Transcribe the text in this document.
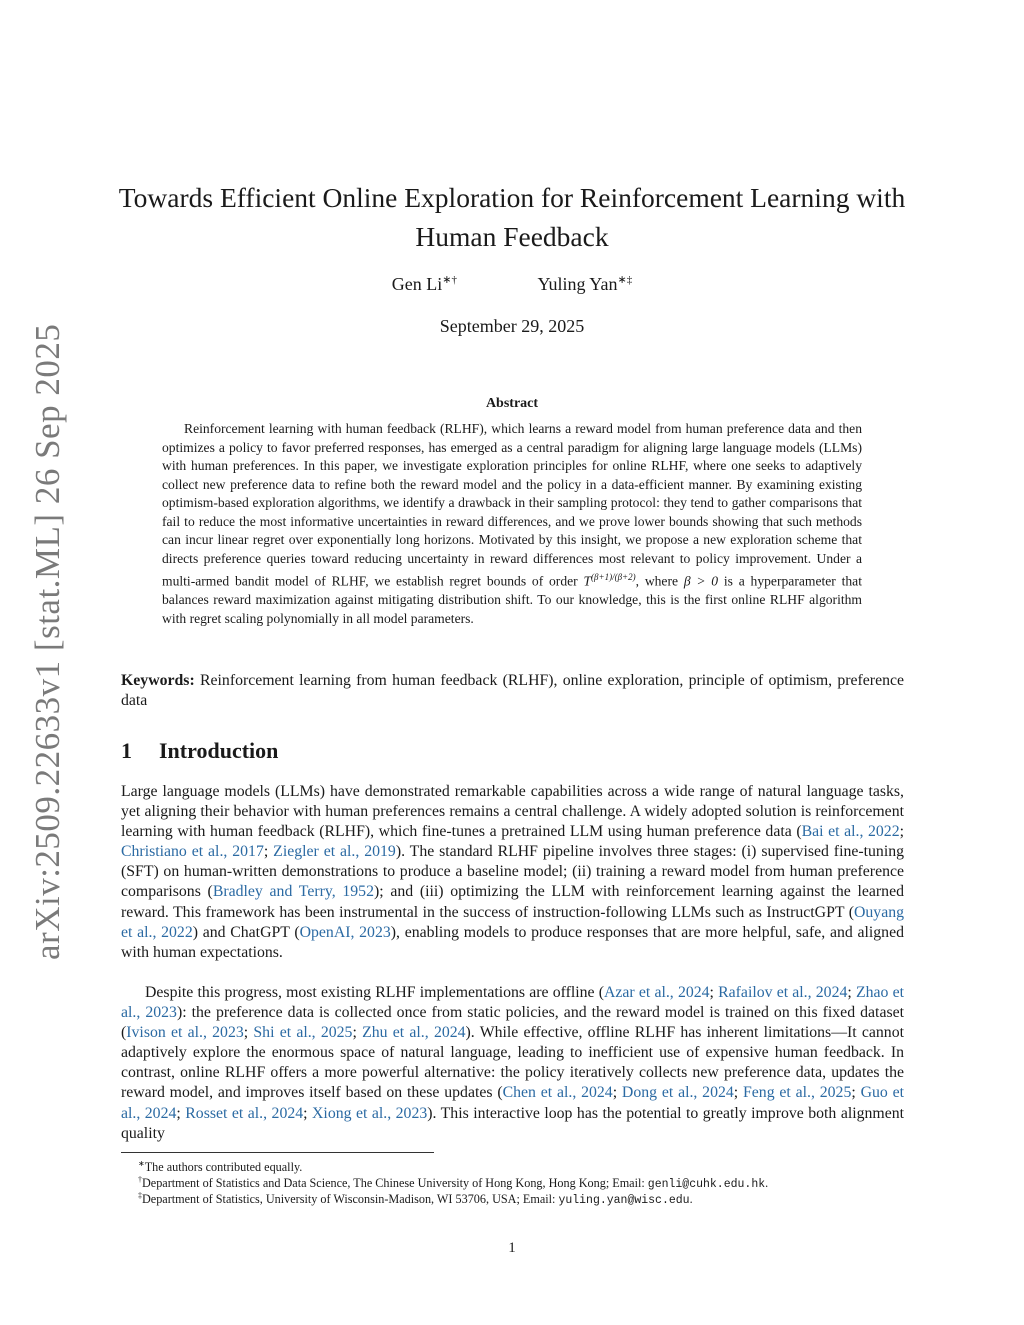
arXiv:2509.22633v1 [stat.ML] 26 Sep 2025
Towards Efficient Online Exploration for Reinforcement Learning with Human Feedback
Gen Li∗†	Yuling Yan∗‡
September 29, 2025
Abstract
Reinforcement learning with human feedback (RLHF), which learns a reward model from human preference data and then optimizes a policy to favor preferred responses, has emerged as a central paradigm for aligning large language models (LLMs) with human preferences. In this paper, we investigate exploration principles for online RLHF, where one seeks to adaptively collect new preference data to refine both the reward model and the policy in a data-efficient manner. By examining existing optimism-based exploration algorithms, we identify a drawback in their sampling protocol: they tend to gather comparisons that fail to reduce the most informative uncertainties in reward differences, and we prove lower bounds showing that such methods can incur linear regret over exponentially long horizons. Motivated by this insight, we propose a new exploration scheme that directs preference queries toward reducing uncertainty in reward differences most relevant to policy improvement. Under a multi-armed bandit model of RLHF, we establish regret bounds of order $T^{(\beta+1)/(\beta+2)}$, where β > 0 is a hyperparameter that balances reward maximization against mitigating distribution shift. To our knowledge, this is the first online RLHF algorithm with regret scaling polynomially in all model parameters.
Keywords: Reinforcement learning from human feedback (RLHF), online exploration, principle of optimism, preference data
1 Introduction
Large language models (LLMs) have demonstrated remarkable capabilities across a wide range of natural language tasks, yet aligning their behavior with human preferences remains a central challenge. A widely adopted solution is reinforcement learning with human feedback (RLHF), which fine-tunes a pretrained LLM using human preference data (Bai et al., 2022; Christiano et al., 2017; Ziegler et al., 2019). The standard RLHF pipeline involves three stages: (i) supervised fine-tuning (SFT) on human-written demonstrations to produce a baseline model; (ii) training a reward model from human preference comparisons (Bradley and Terry, 1952); and (iii) optimizing the LLM with reinforcement learning against the learned reward. This framework has been instrumental in the success of instruction-following LLMs such as InstructGPT (Ouyang et al., 2022) and ChatGPT (OpenAI, 2023), enabling models to produce responses that are more helpful, safe, and aligned with human expectations.
Despite this progress, most existing RLHF implementations are offline (Azar et al., 2024; Rafailov et al., 2024; Zhao et al., 2023): the preference data is collected once from static policies, and the reward model is trained on this fixed dataset (Ivison et al., 2023; Shi et al., 2025; Zhu et al., 2024). While effective, offline RLHF has inherent limitations—It cannot adaptively explore the enormous space of natural language, leading to inefficient use of expensive human feedback. In contrast, online RLHF offers a more powerful alternative: the policy iteratively collects new preference data, updates the reward model, and improves itself based on these updates (Chen et al., 2024; Dong et al., 2024; Feng et al., 2025; Guo et al., 2024; Rosset et al., 2024; Xiong et al., 2023). This interactive loop has the potential to greatly improve both alignment quality
∗The authors contributed equally.
†Department of Statistics and Data Science, The Chinese University of Hong Kong, Hong Kong; Email: genli@cuhk.edu.hk.
‡Department of Statistics, University of Wisconsin-Madison, WI 53706, USA; Email: yuling.yan@wisc.edu.
1
